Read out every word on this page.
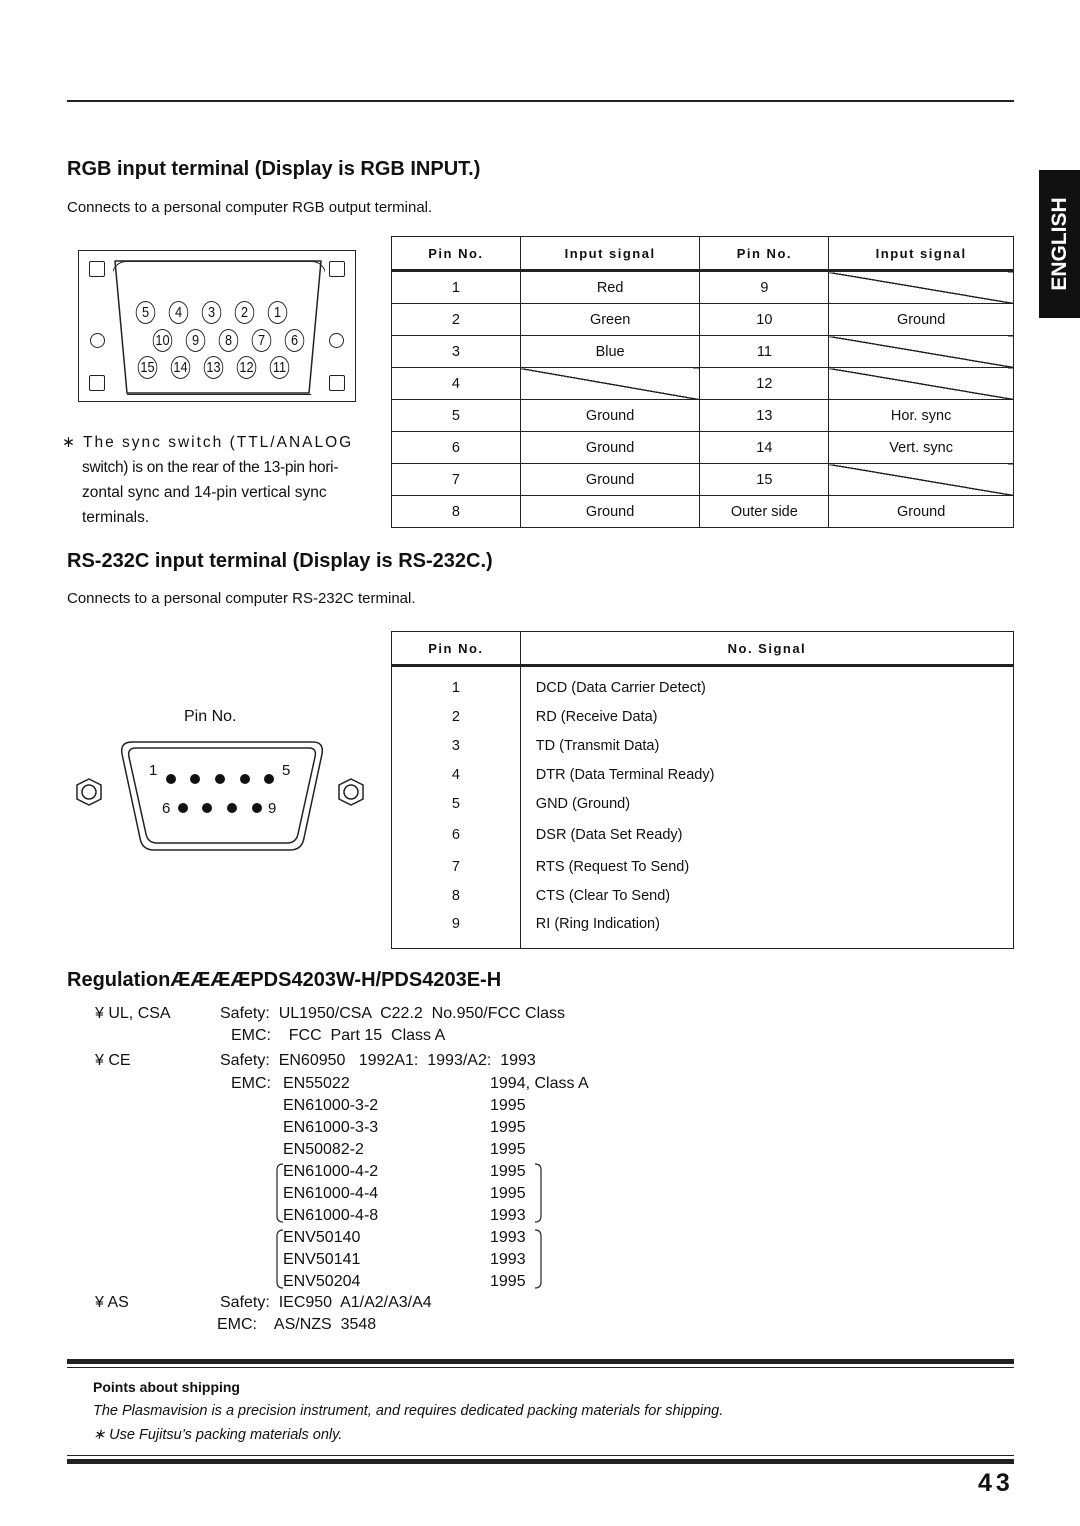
ENGLISH
RGB input terminal (Display is RGB INPUT.)
Connects to a personal computer RGB output terminal.
5	4	3	2	1
10	9	8	7	6
15 14 13 12 11
∗ The sync switch (TTL/ANALOG
switch) is on the rear of the 13-pin hori-
zontal sync and 14-pin vertical sync
terminals.
Pin No.	Input signal	Pin No.	Input signal
1	Red	9	
2	Green	10	Ground
3	Blue	11	
4		12	
5	Ground	13	Hor. sync
6	Ground	14	Vert. sync
7	Ground	15	
8	Ground	Outer side	Ground
RS-232C input terminal (Display is RS-232C.)
Connects to a personal computer RS-232C terminal.
Pin No.
1	5
6	9
Pin No.	No. Signal
1	DCD (Data Carrier Detect)
2	RD (Receive Data)
3	TD (Transmit Data)
4	DTR (Data Terminal Ready)
5	GND (Ground)
6	DSR (Data Set Ready)
7	RTS (Request To Send)
8	CTS (Clear To Send)
9	RI (Ring Indication)
RegulationÆÆÆÆPDS4203W-H/PDS4203E-H
¥ UL, CSA	Safety:  UL1950/CSA  C22.2  No.950/FCC Class
EMC:    FCC  Part 15  Class A
¥ CE	Safety:  EN60950   1992A1:  1993/A2:  1993
EMC: EN55022	1994, Class A
EN61000-3-2	1995
EN61000-3-3	1995
EN50082-2	1995
EN61000-4-2	1995
EN61000-4-4	1995
EN61000-4-8	1993
ENV50140	1993
ENV50141	1993
ENV50204	1995
¥ AS	Safety:  IEC950  A1/A2/A3/A4
EMC:    AS/NZS  3548
Points about shipping
The Plasmavision is a precision instrument, and requires dedicated packing materials for shipping.
∗ Use Fujitsu’s packing materials only.
43
